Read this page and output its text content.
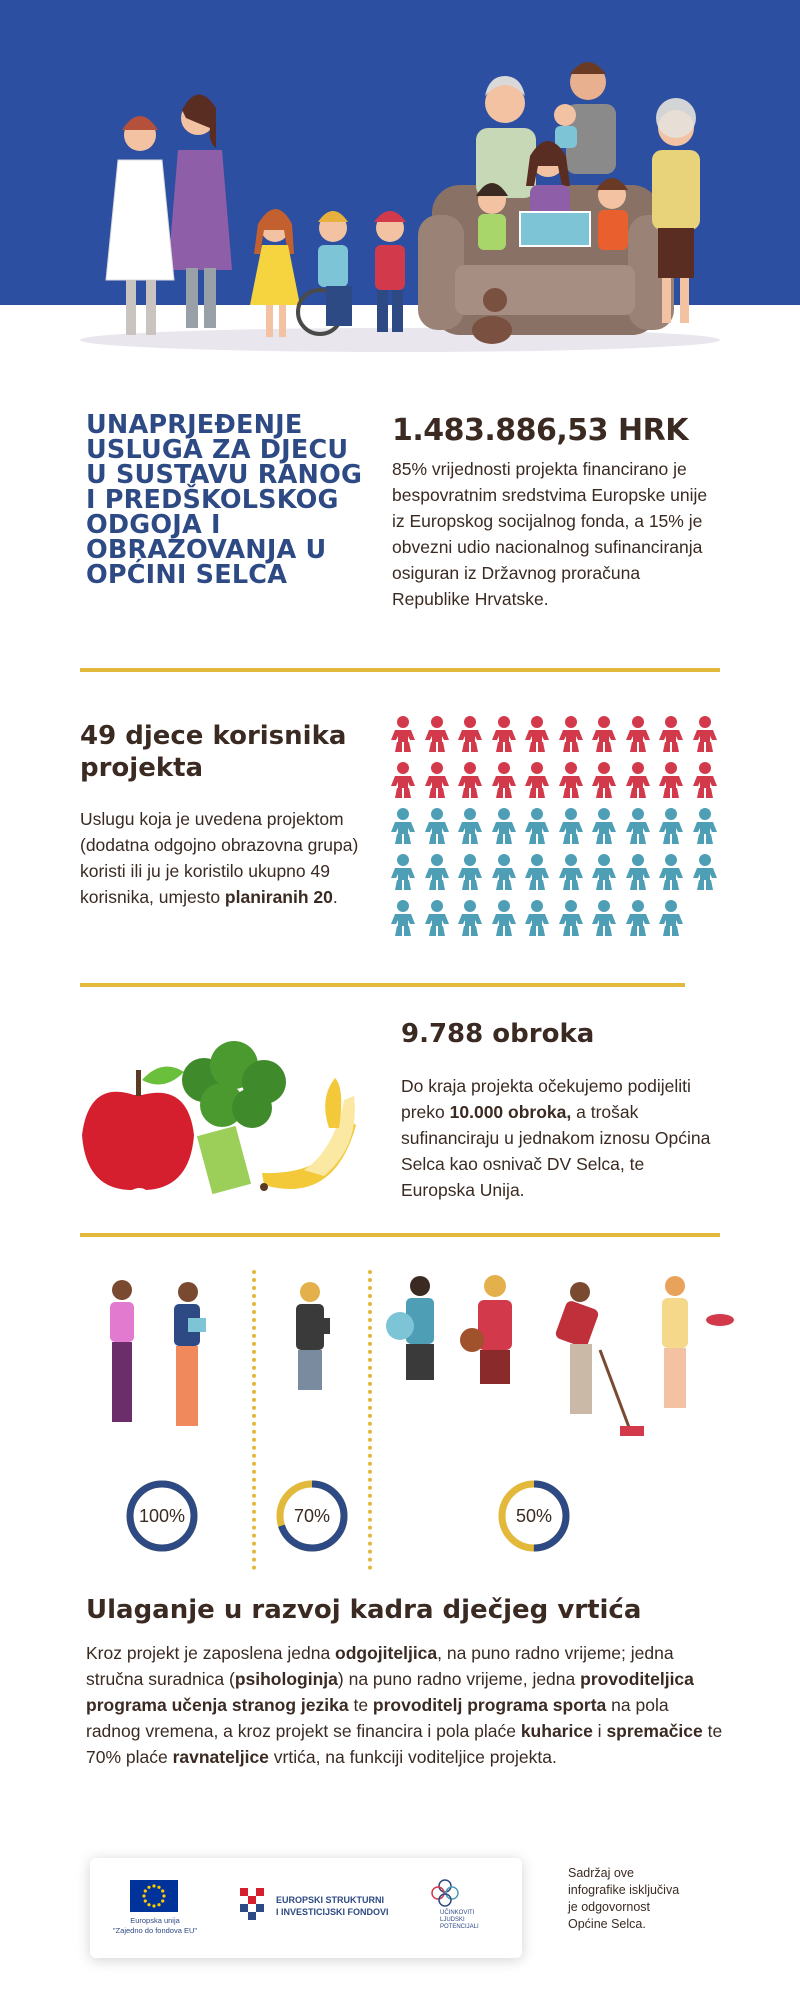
UNAPRJEĐENJE USLUGA ZA DJECU U SUSTAVU RANOG I PREDŠKOLSKOG ODGOJA I OBRAZOVANJA U OPĆINI SELCA
1.483.886,53 HRK
85% vrijednosti projekta financirano je bespovratnim sredstvima Europske unije iz Europskog socijalnog fonda, a 15% je obvezni udio nacionalnog sufinanciranja osiguran iz Državnog proračuna Republike Hrvatske.
49 djece korisnika projekta
Uslugu koja je uvedena projektom (dodatna odgojno obrazovna grupa) koristi ili ju je koristilo ukupno 49 korisnika, umjesto planiranih 20.
9.788 obroka
Do kraja projekta očekujemo podijeliti preko 10.000 obroka, a trošak sufinanciraju u jednakom iznosu Općina Selca kao osnivač DV Selca, te Europska Unija.
100%	70%	50%
Ulaganje u razvoj kadra dječjeg vrtića
Kroz projekt je zaposlena jedna odgojiteljica, na puno radno vrijeme; jedna stručna suradnica (psihologinja) na puno radno vrijeme, jedna provoditeljica programa učenja stranog jezika te provoditelj programa sporta na pola radnog vremena, a kroz projekt se financira i pola plaće kuharice i spremačice te 70% plaće ravnateljice vrtića, na funkciji voditeljice projekta.
Europska unija
"Zajedno do fondova EU"
EUROPSKI STRUKTURNI
I INVESTICIJSKI FONDOVI	UČINKOVITI
LJUDSKI
POTENCIJALI
Sadržaj ove infografike isključiva je odgovornost Općine Selca.
